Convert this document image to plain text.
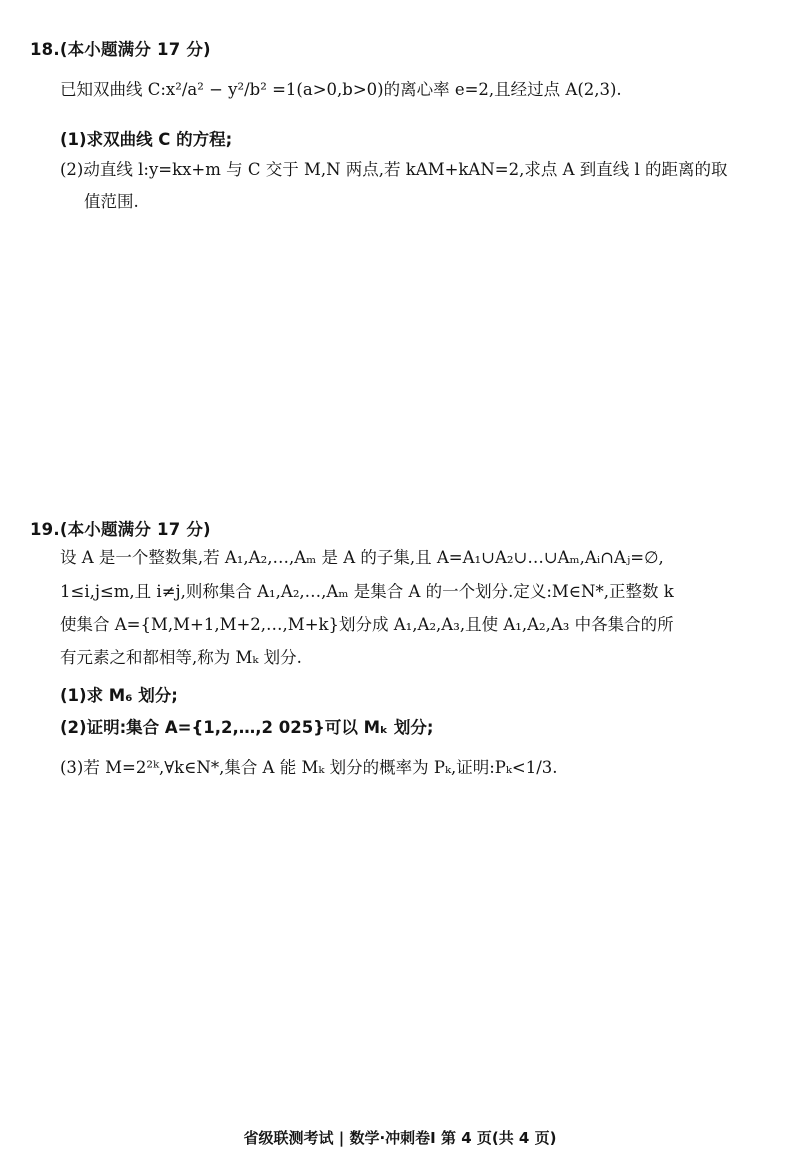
18.(本小题满分 17 分)
已知双曲线 C:x²/a² − y²/b² =1(a>0,b>0)的离心率 e=2,且经过点 A(2,3).
(1)求双曲线 C 的方程;
(2)动直线 l:y=kx+m 与 C 交于 M,N 两点,若 kAM+kAN=2,求点 A 到直线 l 的距离的取
值范围.
19.(本小题满分 17 分)
设 A 是一个整数集,若 A₁,A₂,…,Aₘ 是 A 的子集,且 A=A₁∪A₂∪…∪Aₘ,Aᵢ∩Aⱼ=∅,
1≤i,j≤m,且 i≠j,则称集合 A₁,A₂,…,Aₘ 是集合 A 的一个划分.定义:M∈N*,正整数 k
使集合 A={M,M+1,M+2,…,M+k}划分成 A₁,A₂,A₃,且使 A₁,A₂,A₃ 中各集合的所
有元素之和都相等,称为 Mₖ 划分.
(1)求 M₆ 划分;
(2)证明:集合 A={1,2,…,2 025}可以 Mₖ 划分;
(3)若 M=2²ᵏ,∀k∈N*,集合 A 能 Mₖ 划分的概率为 Pₖ,证明:Pₖ<1/3.
省级联测考试 | 数学·冲刺卷Ⅰ 第 4 页(共 4 页)
